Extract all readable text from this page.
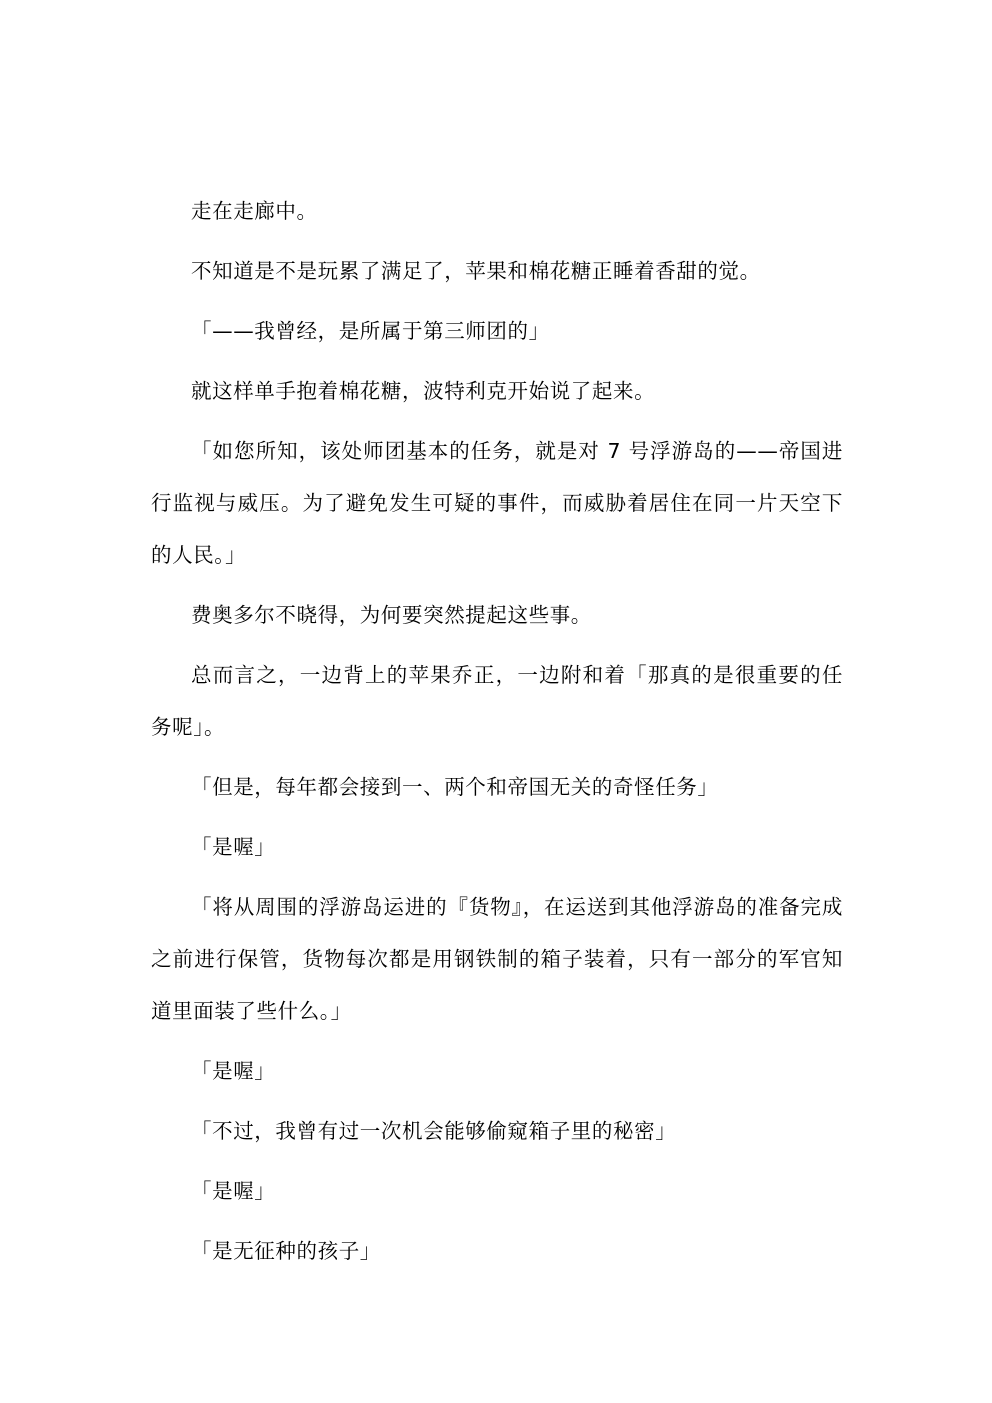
走在走廊中。

不知道是不是玩累了满足了，苹果和棉花糖正睡着香甜的觉。

「——我曾经，是所属于第三师团的」

就这样单手抱着棉花糖，波特利克开始说了起来。

「如您所知，该处师团基本的任务，就是对 7 号浮游岛的——帝国进行监视与威压。为了避免发生可疑的事件，而威胁着居住在同一片天空下的人民。」

费奥多尔不晓得，为何要突然提起这些事。

总而言之，一边背上的苹果乔正，一边附和着「那真的是很重要的任务呢」。

「但是，每年都会接到一、两个和帝国无关的奇怪任务」

「是喔」

「将从周围的浮游岛运进的『货物』，在运送到其他浮游岛的准备完成之前进行保管，货物每次都是用钢铁制的箱子装着，只有一部分的军官知道里面装了些什么。」

「是喔」

「不过，我曾有过一次机会能够偷窥箱子里的秘密」

「是喔」

「是无征种的孩子」
